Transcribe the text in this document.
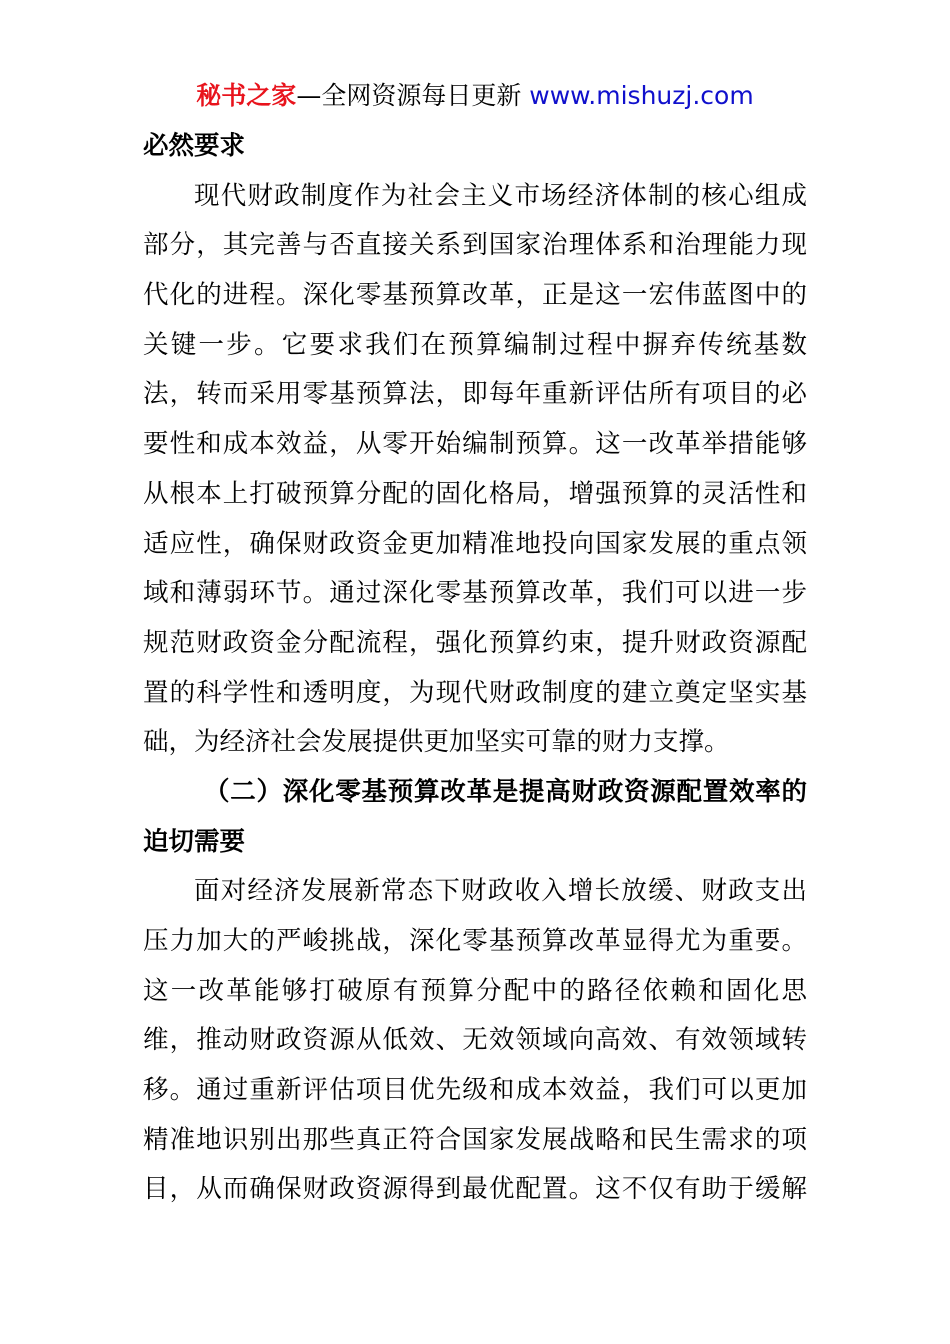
秘书之家—全网资源每日更新 www.mishuzj.com
必然要求
现代财政制度作为社会主义市场经济体制的核心组成
部分，其完善与否直接关系到国家治理体系和治理能力现
代化的进程。深化零基预算改革，正是这一宏伟蓝图中的
关键一步。它要求我们在预算编制过程中摒弃传统基数
法，转而采用零基预算法，即每年重新评估所有项目的必
要性和成本效益，从零开始编制预算。这一改革举措能够
从根本上打破预算分配的固化格局，增强预算的灵活性和
适应性，确保财政资金更加精准地投向国家发展的重点领
域和薄弱环节。通过深化零基预算改革，我们可以进一步
规范财政资金分配流程，强化预算约束，提升财政资源配
置的科学性和透明度，为现代财政制度的建立奠定坚实基
础，为经济社会发展提供更加坚实可靠的财力支撑。
（二）深化零基预算改革是提高财政资源配置效率的
迫切需要
面对经济发展新常态下财政收入增长放缓、财政支出
压力加大的严峻挑战，深化零基预算改革显得尤为重要。
这一改革能够打破原有预算分配中的路径依赖和固化思
维，推动财政资源从低效、无效领域向高效、有效领域转
移。通过重新评估项目优先级和成本效益，我们可以更加
精准地识别出那些真正符合国家发展战略和民生需求的项
目，从而确保财政资源得到最优配置。这不仅有助于缓解
